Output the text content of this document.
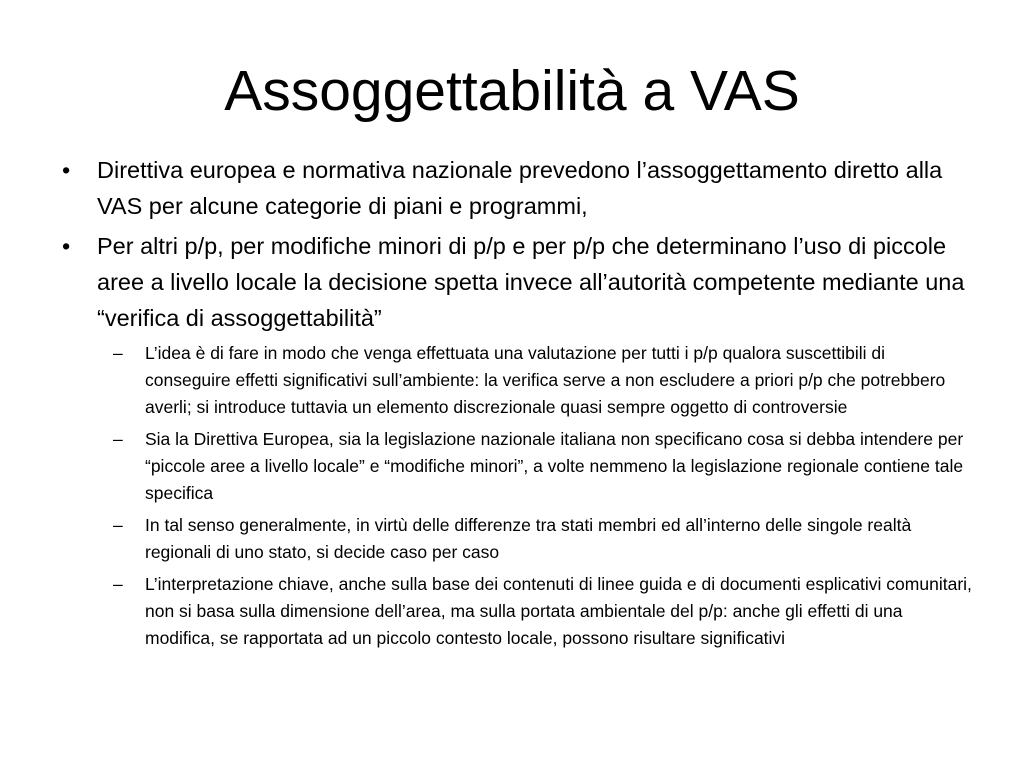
Assoggettabilità a VAS
• Direttiva europea e normativa nazionale prevedono l’assoggettamento diretto alla VAS per alcune categorie di piani e programmi,
• Per altri p/p, per modifiche minori di p/p e per p/p che determinano l’uso di piccole aree a livello locale la decisione spetta invece all’autorità competente mediante una “verifica di assoggettabilità”
– L’idea è di fare in modo che venga effettuata una valutazione per tutti i p/p qualora suscettibili di conseguire effetti significativi sull’ambiente: la verifica serve a non escludere a priori p/p che potrebbero averli; si introduce tuttavia un elemento discrezionale quasi sempre oggetto di controversie
– Sia la Direttiva Europea, sia la legislazione nazionale italiana non specificano cosa si debba intendere per “piccole aree a livello locale” e “modifiche minori”, a volte nemmeno la legislazione regionale contiene tale specifica
– In tal senso generalmente, in virtù delle differenze tra stati membri ed all’interno delle singole realtà regionali di uno stato, si decide caso per caso
– L’interpretazione chiave, anche sulla base dei contenuti di linee guida e di documenti esplicativi comunitari, non si basa sulla dimensione dell’area, ma sulla portata ambientale del p/p: anche gli effetti di una modifica, se rapportata ad un piccolo contesto locale, possono risultare significativi
